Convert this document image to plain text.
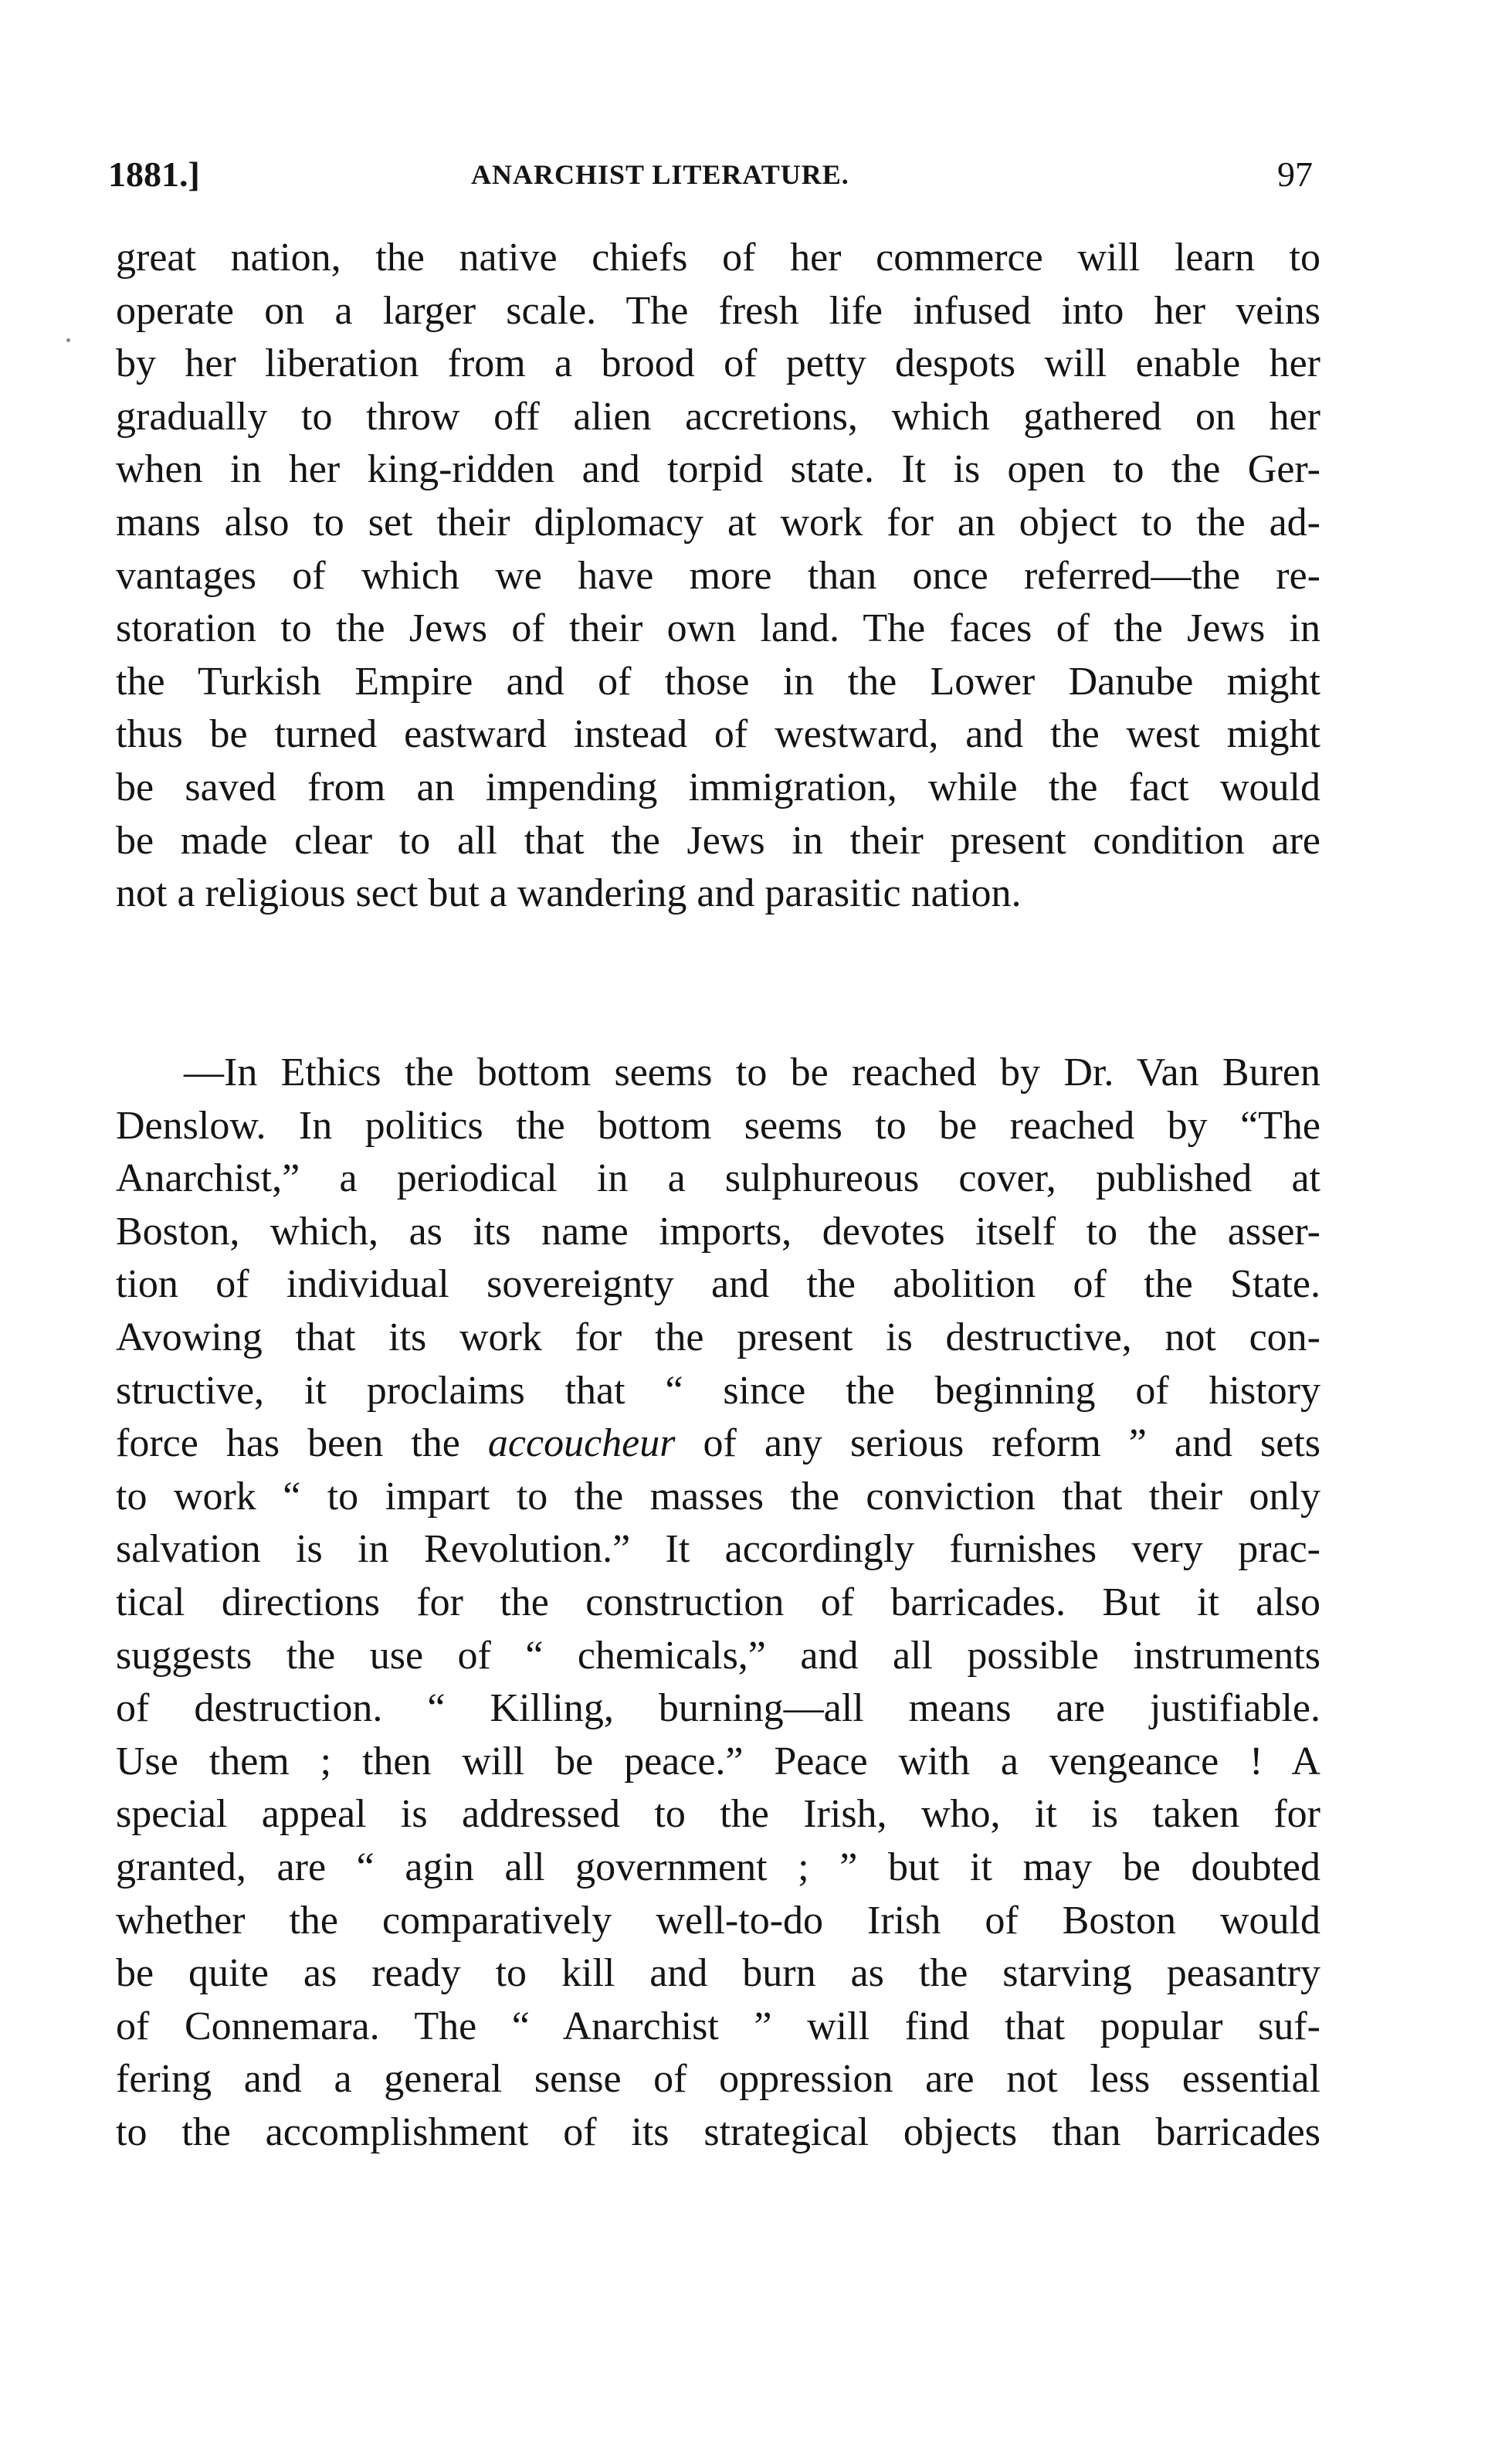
1881.]	ANARCHIST LITERATURE.	97
great nation, the native chiefs of her commerce will learn to
operate on a larger scale. The fresh life infused into her veins
by her liberation from a brood of petty despots will enable her
gradually to throw off alien accretions, which gathered on her
when in her king-ridden and torpid state. It is open to the Ger-
mans also to set their diplomacy at work for an object to the ad-
vantages of which we have more than once referred—the re-
storation to the Jews of their own land. The faces of the Jews in
the Turkish Empire and of those in the Lower Danube might
thus be turned eastward instead of westward, and the west might
be saved from an impending immigration, while the fact would
be made clear to all that the Jews in their present condition are
not a religious sect but a wandering and parasitic nation.
—In Ethics the bottom seems to be reached by Dr. Van Buren
Denslow. In politics the bottom seems to be reached by “The
Anarchist,” a periodical in a sulphureous cover, published at
Boston, which, as its name imports, devotes itself to the asser-
tion of individual sovereignty and the abolition of the State.
Avowing that its work for the present is destructive, not con-
structive, it proclaims that “ since the beginning of history
force has been the accoucheur of any serious reform ” and sets
to work “ to impart to the masses the conviction that their only
salvation is in Revolution.” It accordingly furnishes very prac-
tical directions for the construction of barricades. But it also
suggests the use of “ chemicals,” and all possible instruments
of destruction. “ Killing, burning—all means are justifiable.
Use them ; then will be peace.” Peace with a vengeance ! A
special appeal is addressed to the Irish, who, it is taken for
granted, are “ agin all government ; ” but it may be doubted
whether the comparatively well-to-do Irish of Boston would
be quite as ready to kill and burn as the starving peasantry
of Connemara. The “ Anarchist ” will find that popular suf-
fering and a general sense of oppression are not less essential
to the accomplishment of its strategical objects than barricades
